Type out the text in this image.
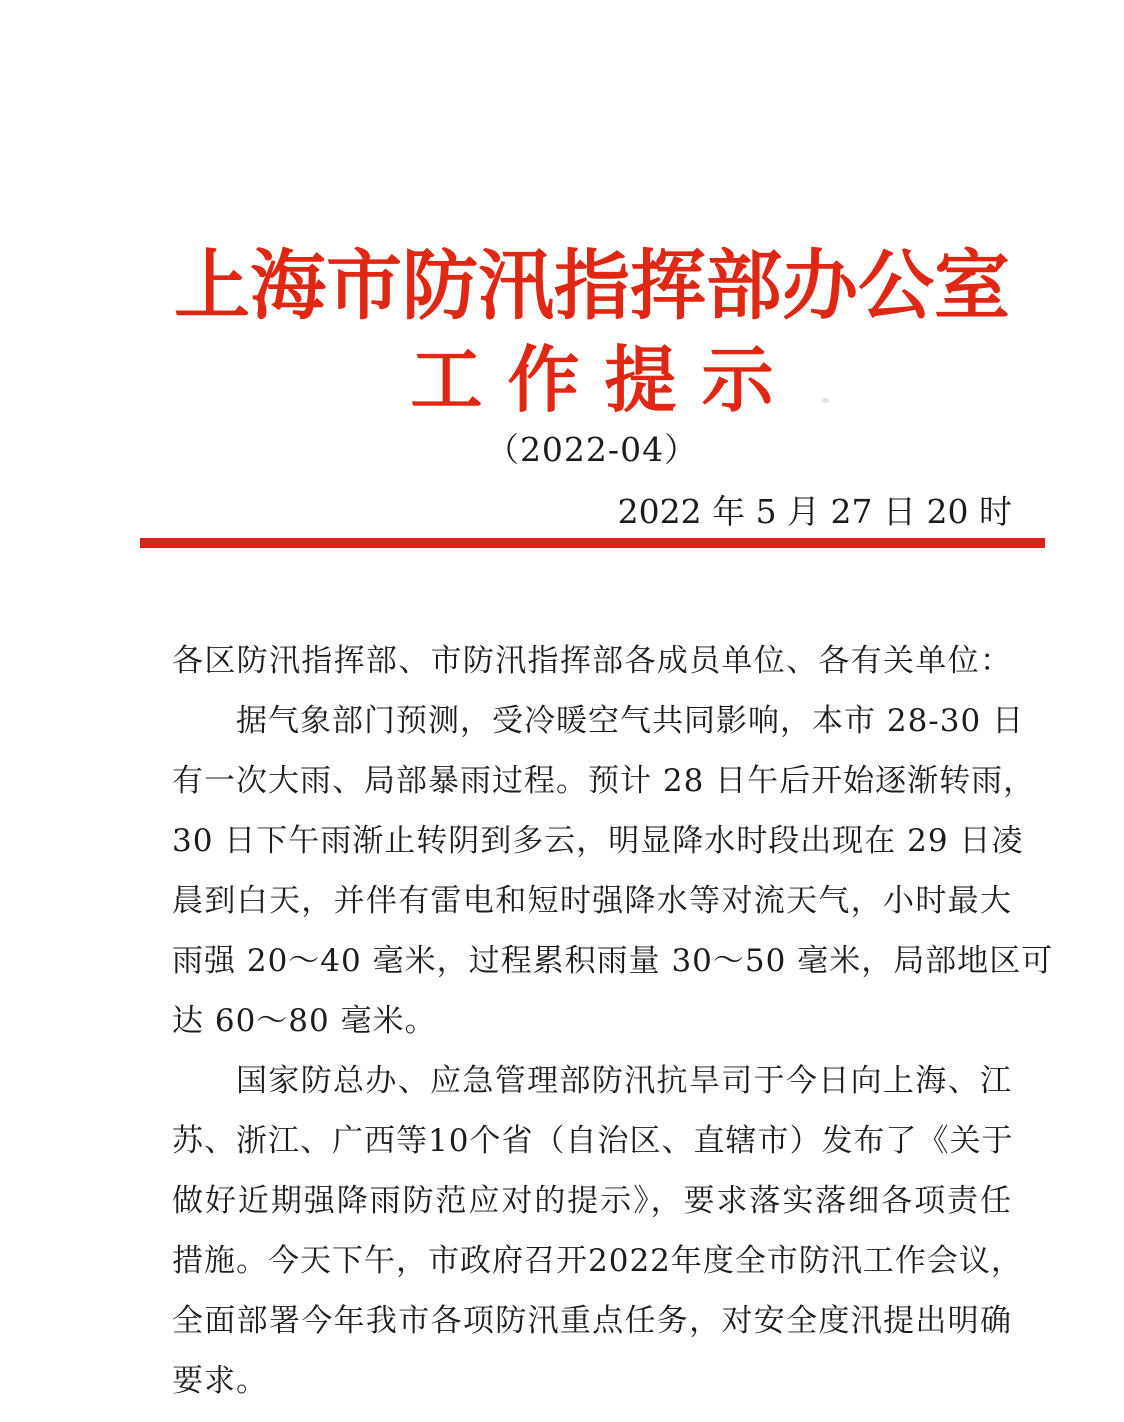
上海市防汛指挥部办公室
工 作 提 示
（2022-04）
2022 年 5 月 27 日 20 时
各区防汛指挥部、市防汛指挥部各成员单位、各有关单位：
据气象部门预测，受冷暖空气共同影响，本市 28-30 日
有一次大雨、局部暴雨过程。预计 28 日午后开始逐渐转雨，
30 日下午雨渐止转阴到多云，明显降水时段出现在 29 日凌
晨到白天，并伴有雷电和短时强降水等对流天气，小时最大
雨强 20～40 毫米，过程累积雨量 30～50 毫米，局部地区可
达 60～80 毫米。
国家防总办、应急管理部防汛抗旱司于今日向上海、江
苏、浙江、广西等10个省（自治区、直辖市）发布了《关于
做好近期强降雨防范应对的提示》，要求落实落细各项责任
措施。今天下午，市政府召开2022年度全市防汛工作会议，
全面部署今年我市各项防汛重点任务，对安全度汛提出明确
要求。
